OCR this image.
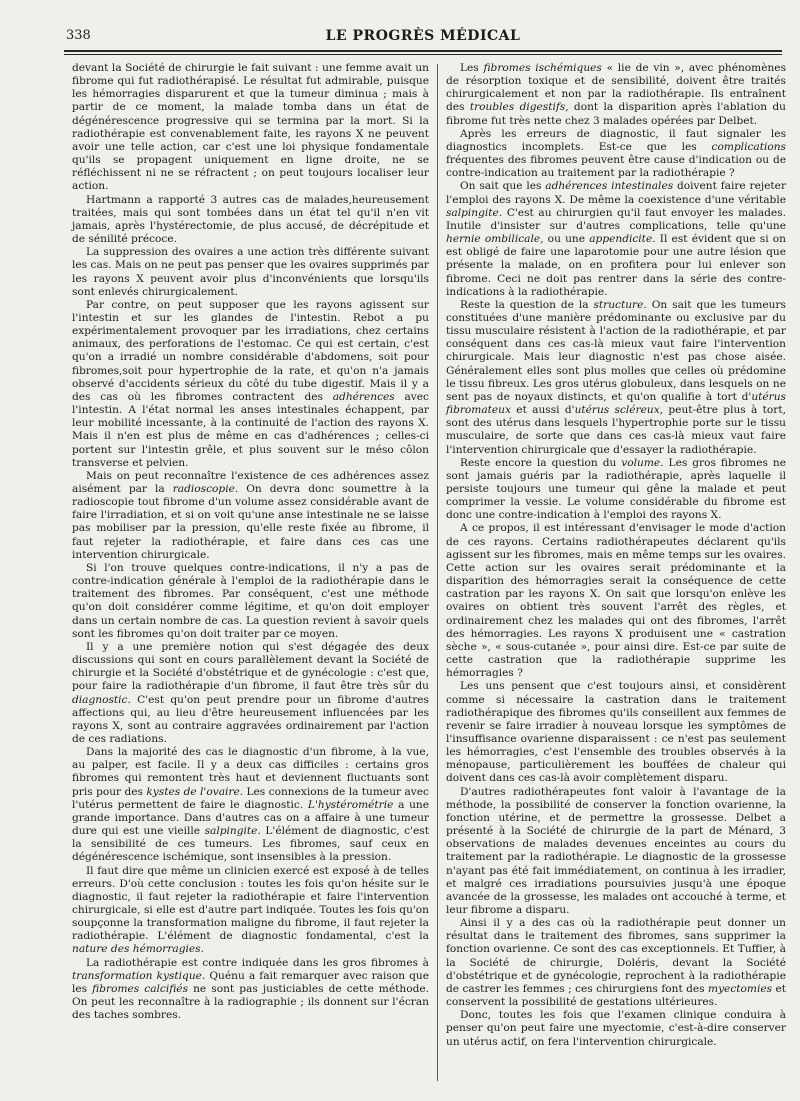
338	LE PROGRÈS MÉDICAL

devant la Société de chirurgie le fait suivant : une femme avait un fibrome qui fut radiothérapisé. Le résultat fut admirable, puisque les hémorragies disparurent et que la tumeur diminua ; mais à partir de ce moment, la malade tomba dans un état de dégénérescence progressive qui se termina par la mort. Si la radiothérapie est convenablement faite, les rayons X ne peuvent avoir une telle action, car c'est une loi physique fondamentale qu'ils se propagent uniquement en ligne droite, ne se réfléchissent ni ne se réfractent ; on peut toujours localiser leur action.

Hartmann a rapporté 3 autres cas de malades,heureusement traitées, mais qui sont tombées dans un état tel qu'il n'en vit jamais, après l'hystérectomie, de plus accusé, de décrépitude et de sénilité précoce.

La suppression des ovaires a une action très différente suivant les cas. Mais on ne peut pas penser que les ovaires supprimés par les rayons X peuvent avoir plus d'inconvénients que lorsqu'ils sont enlevés chirurgicalement.

Par contre, on peut supposer que les rayons agissent sur l'intestin et sur les glandes de l'intestin. Rebot a pu expérimentalement provoquer par les irradiations, chez certains animaux, des perforations de l'estomac. Ce qui est certain, c'est qu'on a irradié un nombre considérable d'abdomens, soit pour fibromes,soit pour hypertrophie de la rate, et qu'on n'a jamais observé d'accidents sérieux du côté du tube digestif. Mais il y a des cas où les fibromes contractent des adhérences avec l'intestin. A l'état normal les anses intestinales échappent, par leur mobilité incessante, à la continuité de l'action des rayons X. Mais il n'en est plus de même en cas d'adhérences ; celles-ci portent sur l'intestin grêle, et plus souvent sur le méso côlon transverse et pelvien.

Mais on peut reconnaître l'existence de ces adhérences assez aisément par la radioscopie. On devra donc soumettre à la radioscopie tout fibrome d'un volume assez considérable avant de faire l'irradiation, et si on voit qu'une anse intestinale ne se laisse pas mobiliser par la pression, qu'elle reste fixée au fibrome, il faut rejeter la radiothérapie, et faire dans ces cas une intervention chirurgicale.

Si l'on trouve quelques contre-indications, il n'y a pas de contre-indication générale à l'emploi de la radiothérapie dans le traitement des fibromes. Par conséquent, c'est une méthode qu'on doit considérer comme légitime, et qu'on doit employer dans un certain nombre de cas. La question revient à savoir quels sont les fibromes qu'on doit traiter par ce moyen.

Il y a une première notion qui s'est dégagée des deux discussions qui sont en cours parallèlement devant la Société de chirurgie et la Société d'obstétrique et de gynécologie : c'est que, pour faire la radiothérapie d'un fibrome, il faut être très sûr du diagnostic. C'est qu'on peut prendre pour un fibrome d'autres affections qui, au lieu d'être heureusement influencées par les rayons X, sont au contraire aggravées ordinairement par l'action de ces radiations.

Dans la majorité des cas le diagnostic d'un fibrome, à la vue, au palper, est facile. Il y a deux cas difficiles : certains gros fibromes qui remontent très haut et deviennent fluctuants sont pris pour des kystes de l'ovaire. Les connexions de la tumeur avec l'utérus permettent de faire le diagnostic. L'hystérométrie a une grande importance. Dans d'autres cas on a affaire à une tumeur dure qui est une vieille salpingite. L'élément de diagnostic, c'est la sensibilité de ces tumeurs. Les fibromes, sauf ceux en dégénérescence ischémique, sont insensibles à la pression.

Il faut dire que même un clinicien exercé est exposé à de telles erreurs. D'où cette conclusion : toutes les fois qu'on hésite sur le diagnostic, il faut rejeter la radiothérapie et faire l'intervention chirurgicale, si elle est d'autre part indiquée. Toutes les fois qu'on soupçonne la transformation maligne du fibrome, il faut rejeter la radiothérapie. L'élément de diagnostic fondamental, c'est la nature des hémorragies.

La radiothérapie est contre indiquée dans les gros fibromes à transformation kystique. Quénu a fait remarquer avec raison que les fibromes calcifiés ne sont pas justiciables de cette méthode. On peut les reconnaître à la radiographie ; ils donnent sur l'écran des taches sombres.

Les fibromes ischémiques « lie de vin », avec phénomènes de résorption toxique et de sensibilité, doivent être traités chirurgicalement et non par la radiothérapie. Ils entraînent des troubles digestifs, dont la disparition après l'ablation du fibrome fut très nette chez 3 malades opérées par Delbet.

Après les erreurs de diagnostic, il faut signaler les diagnostics incomplets. Est-ce que les complications fréquentes des fibromes peuvent être cause d'indication ou de contre-indication au traitement par la radiothérapie ?

On sait que les adhérences intestinales doivent faire rejeter l'emploi des rayons X. De même la coexistence d'une véritable salpingite. C'est au chirurgien qu'il faut envoyer les malades. Inutile d'insister sur d'autres complications, telle qu'une hernie ombilicale, ou une appendicite. Il est évident que si on est obligé de faire une laparotomie pour une autre lésion que présente la malade, on en profitera pour lui enlever son fibrome. Ceci ne doit pas rentrer dans la série des contre-indications à la radiothérapie.

Reste la question de la structure. On sait que les tumeurs constituées d'une manière prédominante ou exclusive par du tissu musculaire résistent à l'action de la radiothérapie, et par conséquent dans ces cas-là mieux vaut faire l'intervention chirurgicale. Mais leur diagnostic n'est pas chose aisée. Généralement elles sont plus molles que celles où prédomine le tissu fibreux. Les gros utérus globuleux, dans lesquels on ne sent pas de noyaux distincts, et qu'on qualifie à tort d'utérus fibromateux et aussi d'utérus scléreux, peut-être plus à tort, sont des utérus dans lesquels l'hypertrophie porte sur le tissu musculaire, de sorte que dans ces cas-là mieux vaut faire l'intervention chirurgicale que d'essayer la radiothérapie.

Reste encore la question du volume. Les gros fibromes ne sont jamais guéris par la radiothérapie, après laquelle il persiste toujours une tumeur qui gêne la malade et peut comprimer la vessie. Le volume considérable du fibrome est donc une contre-indication à l'emploi des rayons X.

A ce propos, il est intéressant d'envisager le mode d'action de ces rayons. Certains radiothérapeutes déclarent qu'ils agissent sur les fibromes, mais en même temps sur les ovaires. Cette action sur les ovaires serait prédominante et la disparition des hémorragies serait la conséquence de cette castration par les rayons X. On sait que lorsqu'on enlève les ovaires on obtient très souvent l'arrêt des règles, et ordinairement chez les malades qui ont des fibromes, l'arrêt des hémorragies. Les rayons X produisent une « castration sèche », « sous-cutanée », pour ainsi dire. Est-ce par suite de cette castration que la radiothérapie supprime les hémorragies ?

Les uns pensent que c'est toujours ainsi, et considèrent comme si nécessaire la castration dans le traitement radiothérapique des fibromes qu'ils conseillent aux femmes de revenir se faire irradier à nouveau lorsque les symptômes de l'insuffisance ovarienne disparaissent : ce n'est pas seulement les hémorragies, c'est l'ensemble des troubles observés à la ménopause, particulièrement les bouffées de chaleur qui doivent dans ces cas-là avoir complètement disparu.

D'autres radiothérapeutes font valoir à l'avantage de la méthode, la possibilité de conserver la fonction ovarienne, la fonction utérine, et de permettre la grossesse. Delbet a présenté à la Société de chirurgie de la part de Ménard, 3 observations de malades devenues enceintes au cours du traitement par la radiothérapie. Le diagnostic de la grossesse n'ayant pas été fait immédiatement, on continua à les irradier, et malgré ces irradiations poursuivies jusqu'à une époque avancée de la grossesse, les malades ont accouché à terme, et leur fibrome a disparu.

Ainsi il y a des cas où la radiothérapie peut donner un résultat dans le traitement des fibromes, sans supprimer la fonction ovarienne. Ce sont des cas exceptionnels. Et Tuffier, à la Société de chirurgie, Doléris, devant la Société d'obstétrique et de gynécologie, reprochent à la radiothérapie de castrer les femmes ; ces chirurgiens font des myectomies et conservent la possibilité de gestations ultérieures.

Donc, toutes les fois que l'examen clinique conduira à penser qu'on peut faire une myectomie, c'est-à-dire conserver un utérus actif, on fera l'intervention chirurgicale.
